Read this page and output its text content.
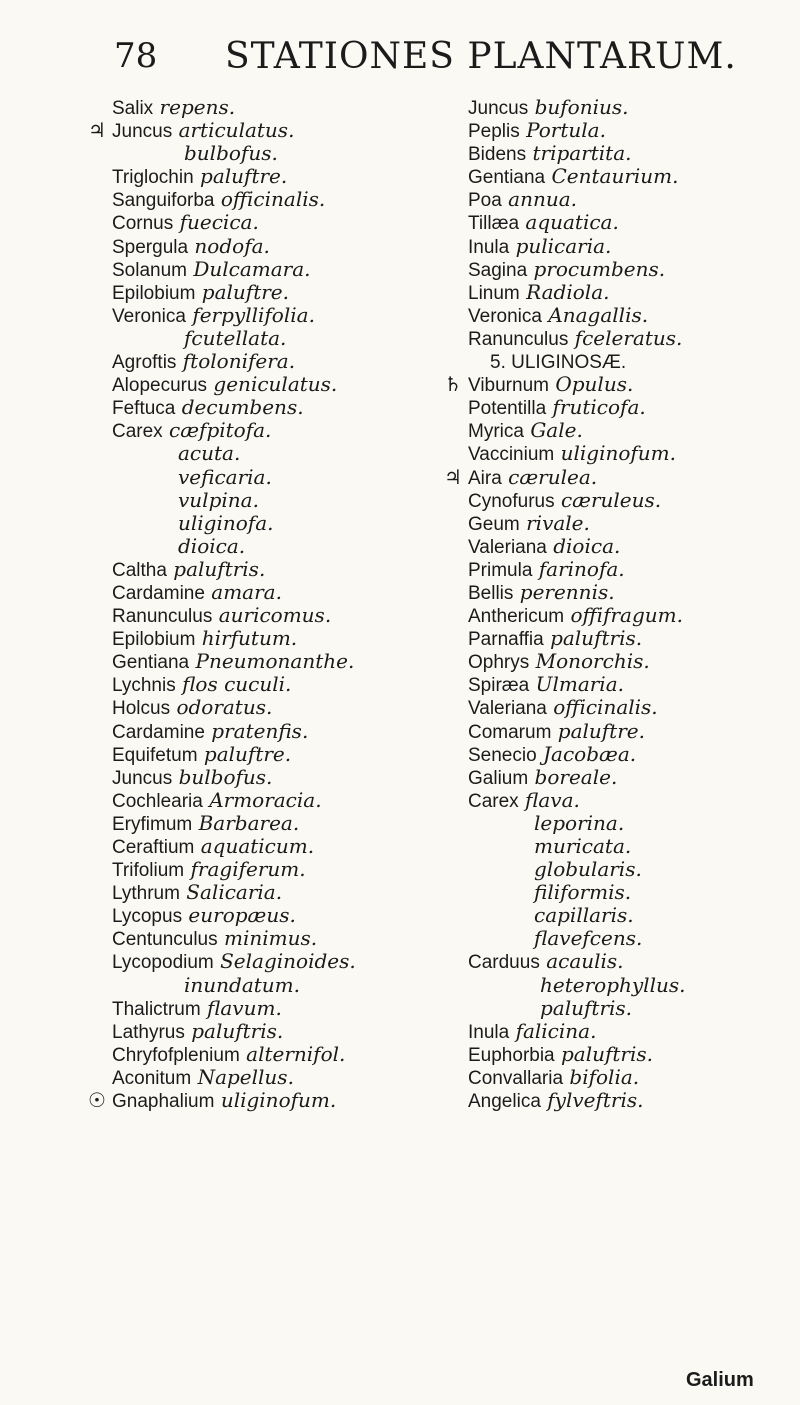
78 STATIONES PLANTARUM.
Salix repens.
♃ Juncus articulatus.
bulbofus.
Triglochin paluftre.
Sanguiforba officinalis.
Cornus fuecica.
Spergula nodofa.
Solanum Dulcamara.
Epilobium paluftre.
Veronica ferpyllifolia.
fcutellata.
Agroftis ftolonifera.
Alopecurus geniculatus.
Feftuca decumbens.
Carex cæfpitofa.
acuta.
veficaria.
vulpina.
uliginofa.
dioica.
Caltha paluftris.
Cardamine amara.
Ranunculus auricomus.
Epilobium hirfutum.
Gentiana Pneumonanthe.
Lychnis flos cuculi.
Holcus odoratus.
Cardamine pratenfis.
Equifetum paluftre.
Juncus bulbofus.
Cochlearia Armoracia.
Eryfimum Barbarea.
Ceraftium aquaticum.
Trifolium fragiferum.
Lythrum Salicaria.
Lycopus europæus.
Centunculus minimus.
Lycopodium Selaginoides.
inundatum.
Thalictrum flavum.
Lathyrus paluftris.
Chryfofplenium alternifol.
Aconitum Napellus.
☉ Gnaphalium uliginofum.
Juncus bufonius.
Peplis Portula.
Bidens tripartita.
Gentiana Centaurium.
Poa annua.
Tillæa aquatica.
Inula pulicaria.
Sagina procumbens.
Linum Radiola.
Veronica Anagallis.
Ranunculus fceleratus.
5. ULIGINOSÆ.
♄ Viburnum Opulus.
Potentilla fruticofa.
Myrica Gale.
Vaccinium uliginofum.
♃ Aira cærulea.
Cynofurus cæruleus.
Geum rivale.
Valeriana dioica.
Primula farinofa.
Bellis perennis.
Anthericum offifragum.
Parnaffia paluftris.
Ophrys Monorchis.
Spiræa Ulmaria.
Valeriana officinalis.
Comarum paluftre.
Senecio Jacobæa.
Galium boreale.
Carex flava.
leporina.
muricata.
globularis.
filiformis.
capillaris.
flavefcens.
Carduus acaulis.
heterophyllus.
paluftris.
Inula falicina.
Euphorbia paluftris.
Convallaria bifolia.
Angelica fylveftris.
Galium
